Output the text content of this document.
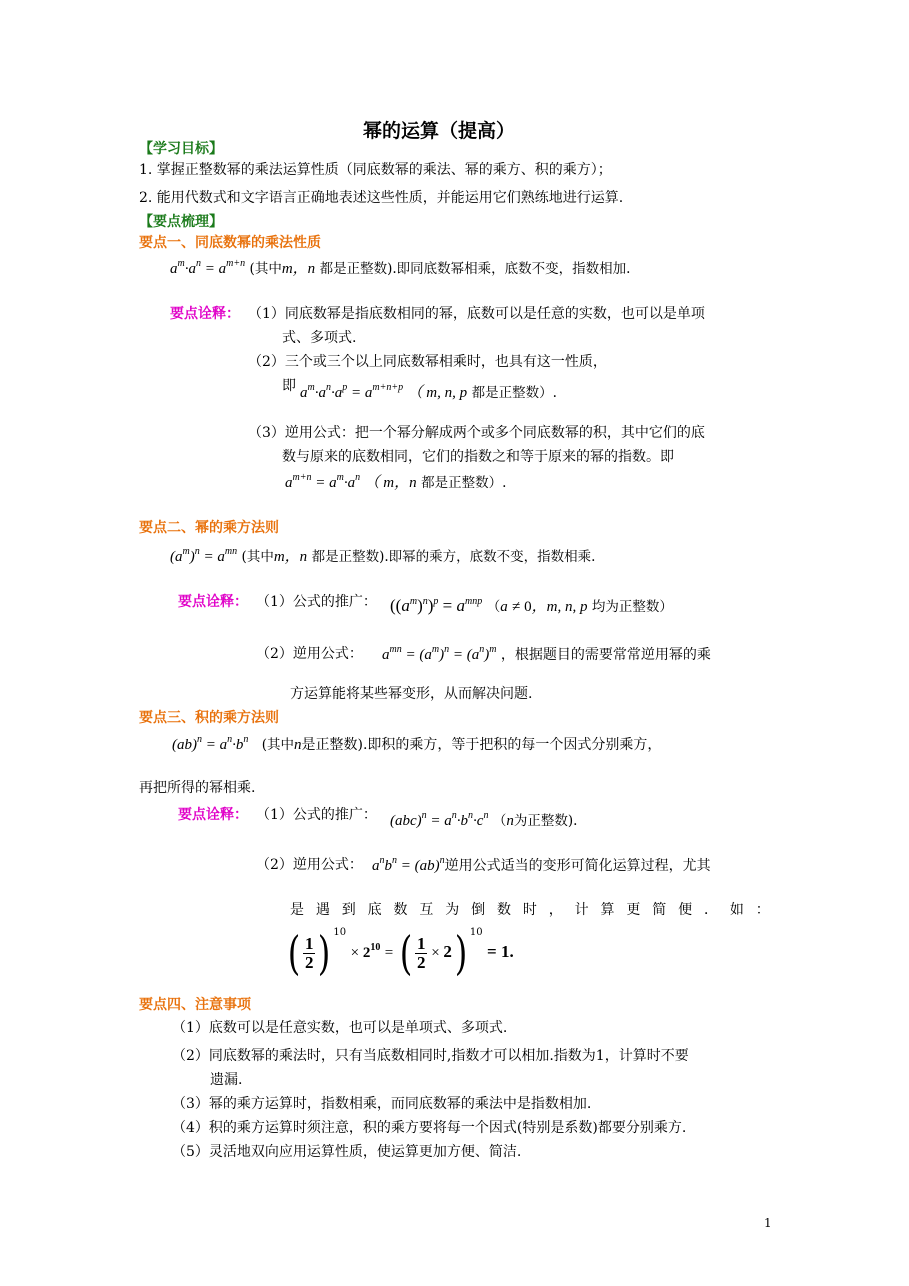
幂的运算（提高）
【学习目标】
1. 掌握正整数幂的乘法运算性质（同底数幂的乘法、幂的乘方、积的乘方）；
2. 能用代数式和文字语言正确地表述这些性质，并能运用它们熟练地进行运算.
【要点梳理】
要点一、同底数幂的乘法性质
$a^m\cdot a^n = a^{m+n}$ (其中m，n 都是正整数).即同底数幂相乘，底数不变，指数相加.
要点诠释： （1）同底数幂是指底数相同的幂，底数可以是任意的实数，也可以是单项
式、多项式.
（2）三个或三个以上同底数幂相乘时，也具有这一性质，
即 $a^m\cdot a^n\cdot a^p = a^{m+n+p}$ （ m, n, p 都是正整数）.
（3）逆用公式：把一个幂分解成两个或多个同底数幂的积，其中它们的底
数与原来的底数相同，它们的指数之和等于原来的幂的指数。即
$a^{m+n} = a^m\cdot a^n$ （ m，n 都是正整数）.
要点二、幂的乘方法则
$(a^m)^n = a^{mn}$ (其中m，n 都是正整数).即幂的乘方，底数不变，指数相乘.
要点诠释： （1）公式的推广： $((a^m)^n)^p = a^{mnp}$ （a ≠ 0，m, n, p 均为正整数）
（2）逆用公式： $a^{mn} = (a^m)^n = (a^n)^m$ ，根据题目的需要常常逆用幂的乘
方运算能将某些幂变形，从而解决问题.
要点三、积的乘方法则
$(ab)^n = a^n\cdot b^n$ (其中n是正整数).即积的乘方，等于把积的每一个因式分别乘方，
再把所得的幂相乘.
要点诠释： （1）公式的推广： $(abc)^n = a^n\cdot b^n\cdot c^n$ （n为正整数).
（2）逆用公式： $a^nb^n = (ab)^n$逆用公式适当的变形可简化运算过程，尤其
是 遇 到 底 数 互 为 倒 数 时 ， 计 算 更 简 便 ． 如 ：
( $\frac{1}{2}$ ) $^{10} \times 2^{10}$ = ( $\frac{1}{2} \times 2$) $^{10}$ = 1.
要点四、注意事项
（1）底数可以是任意实数，也可以是单项式、多项式.
（2）同底数幂的乘法时，只有当底数相同时,指数才可以相加.指数为1，计算时不要
遗漏.
（3）幂的乘方运算时，指数相乘，而同底数幂的乘法中是指数相加.
（4）积的乘方运算时须注意，积的乘方要将每一个因式(特别是系数)都要分别乘方.
（5）灵活地双向应用运算性质，使运算更加方便、简洁.
1
